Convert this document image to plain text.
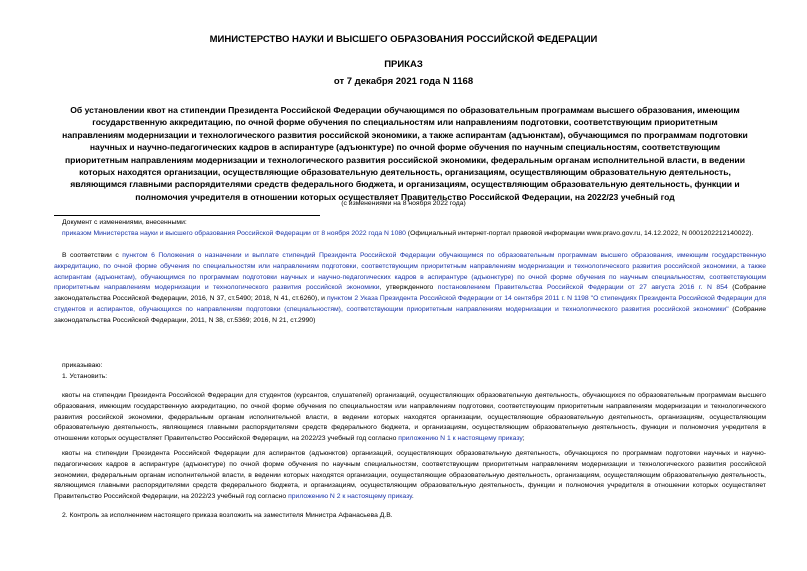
МИНИСТЕРСТВО НАУКИ И ВЫСШЕГО ОБРАЗОВАНИЯ РОССИЙСКОЙ ФЕДЕРАЦИИ
ПРИКАЗ
от 7 декабря 2021 года N 1168

Об установлении квот на стипендии Президента Российской Федерации обучающимся по образовательным программам высшего образования, имеющим государственную аккредитацию, по очной форме обучения по специальностям или направлениям подготовки, соответствующим приоритетным направлениям модернизации и технологического развития российской экономики, а также аспирантам (адъюнктам), обучающимся по программам подготовки научных и научно-педагогических кадров в аспирантуре (адъюнктуре) по очной форме обучения по научным специальностям, соответствующим приоритетным направлениям модернизации и технологического развития российской экономики, федеральным органам исполнительной власти, в ведении которых находятся организации, осуществляющие образовательную деятельность, организациям, осуществляющим образовательную деятельность, являющимся главными распорядителями средств федерального бюджета, и организациям, осуществляющим образовательную деятельность, функции и полномочия учредителя в отношении которых осуществляет Правительство Российской Федерации, на 2022/23 учебный год

(с изменениями на 8 ноября 2022 года)
Документ с изменениями, внесенными:
приказом Министерства науки и высшего образования Российской Федерации от 8 ноября 2022 года N 1080 (Официальный интернет-портал правовой информации www.pravo.gov.ru, 14.12.2022, N 0001202212140022).

В соответствии с пунктом 6 Положения о назначении и выплате стипендий Президента Российской Федерации обучающимся по образовательным программам высшего образования, имеющим государственную аккредитацию, по очной форме обучения по специальностям или направлениям подготовки, соответствующим приоритетным направлениям модернизации и технологического развития российской экономики, а также аспирантам (адъюнктам), обучающимся по программам подготовки научных и научно-педагогических кадров в аспирантуре (адъюнктуре) по очной форме обучения по научным специальностям, соответствующим приоритетным направлениям модернизации и технологического развития российской экономики, утвержденного постановлением Правительства Российской Федерации от 27 августа 2016 г. N 854 (Собрание законодательства Российской Федерации, 2016, N 37, ст.5490; 2018, N 41, ст.6260), и пунктом 2 Указа Президента Российской Федерации от 14 сентября 2011 г. N 1198 "О стипендиях Президента Российской Федерации для студентов и аспирантов, обучающихся по направлениям подготовки (специальностям), соответствующим приоритетным направлениям модернизации и технологического развития российской экономики" (Собрание законодательства Российской Федерации, 2011, N 38, ст.5369; 2016, N 21, ст.2990)

приказываю:
1. Установить:

квоты на стипендии Президента Российской Федерации для студентов (курсантов, слушателей) организаций, осуществляющих образовательную деятельность, обучающихся по образовательным программам высшего образования, имеющим государственную аккредитацию, по очной форме обучения по специальностям или направлениям подготовки, соответствующим приоритетным направлениям модернизации и технологического развития российской экономики, федеральным органам исполнительной власти, в ведении которых находятся организации, осуществляющие образовательную деятельность, организациям, осуществляющим образовательную деятельность, являющимся главными распорядителями средств федерального бюджета, и организациям, осуществляющим образовательную деятельность, функции и полномочия учредителя в отношении которых осуществляет Правительство Российской Федерации, на 2022/23 учебный год согласно приложению N 1 к настоящему приказу;

квоты на стипендии Президента Российской Федерации для аспирантов (адъюнктов) организаций, осуществляющих образовательную деятельность, обучающихся по программам подготовки научных и научно-педагогических кадров в аспирантуре (адъюнктуре) по очной форме обучения по научным специальностям, соответствующим приоритетным направлениям модернизации и технологического развития российской экономики, федеральным органам исполнительной власти, в ведении которых находятся организации, осуществляющие образовательную деятельность, организациям, осуществляющим образовательную деятельность, являющимся главными распорядителями средств федерального бюджета, и организациям, осуществляющим образовательную деятельность, функции и полномочия учредителя в отношении которых осуществляет Правительство Российской Федерации, на 2022/23 учебный год согласно приложению N 2 к настоящему приказу.

2. Контроль за исполнением настоящего приказа возложить на заместителя Министра Афанасьева Д.В.
